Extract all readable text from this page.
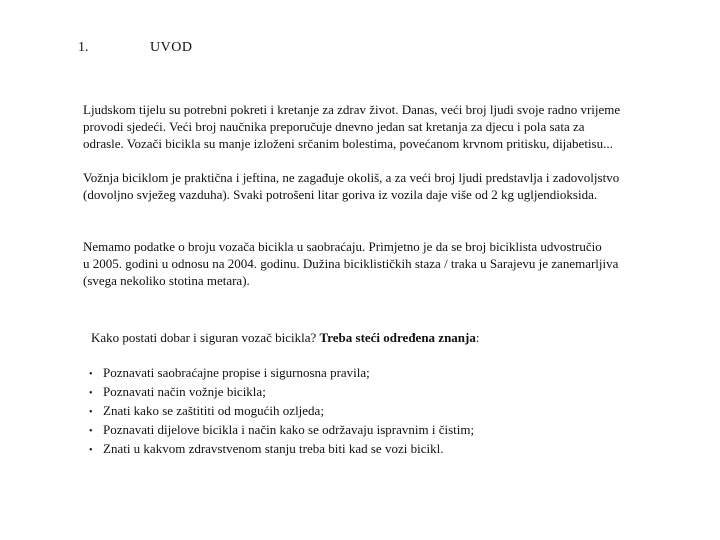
1.	UVOD

Ljudskom tijelu su potrebni pokreti i kretanje za zdrav život. Danas, veći broj ljudi svoje radno vrijeme
provodi sjedeći. Veći broj naučnika preporučuje dnevno jedan sat kretanja za djecu i pola sata za
odrasle. Vozači bicikla su manje izloženi srčanim bolestima, povećanom krvnom pritisku, dijabetisu...

Vožnja biciklom je praktična i jeftina, ne zagađuje okoliš, a za veći broj ljudi predstavlja i zadovoljstvo
(dovoljno svježeg vazduha). Svaki potrošeni litar goriva iz vozila daje više od 2 kg ugljendioksida.

Nemamo podatke o broju vozača bicikla u saobraćaju. Primjetno je da se broj biciklista udvostručio
u 2005. godini u odnosu na 2004. godinu. Dužina biciklističkih staza / traka u Sarajevu je zanemarljiva
(svega nekoliko stotina metara).

Kako postati dobar i siguran vozač bicikla? Treba steći određena znanja:
• Poznavati saobraćajne propise i sigurnosna pravila;
• Poznavati način vožnje bicikla;
• Znati kako se zaštititi od mogućih ozljeda;
• Poznavati dijelove bicikla i način kako se održavaju ispravnim i čistim;
• Znati u kakvom zdravstvenom stanju treba biti kad se vozi bicikl.
